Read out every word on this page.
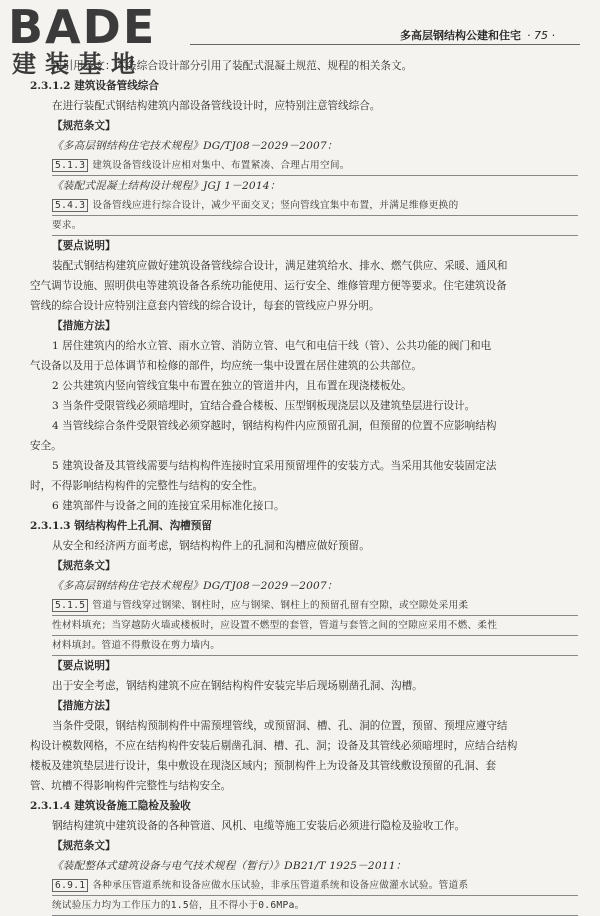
BADE
建装基地
多高层钢结构公建和住宅 · 75 ·
用引用条文：本条综合设计部分引用了装配式混凝土规范、规程的相关条文。
2.3.1.2 建筑设备管线综合
在进行装配式钢结构建筑内部设备管线设计时，应特别注意管线综合。
【规范条文】
《多高层钢结构住宅技术规程》DG/TJ08－2029－2007：
5.1.3 建筑设备管线设计应相对集中、布置紧凑、合理占用空间。
《装配式混凝土结构设计规程》JGJ 1－2014：
5.4.3 设备管线应进行综合设计，减少平面交叉；竖向管线宜集中布置，并满足维修更换的
要求。
【要点说明】
装配式钢结构建筑应做好建筑设备管线综合设计，满足建筑给水、排水、燃气供应、采暖、通风和
空气调节设施、照明供电等建筑设备各系统功能使用、运行安全、维修管理方便等要求。住宅建筑设备
管线的综合设计应特别注意套内管线的综合设计，每套的管线应户界分明。
【措施方法】
1 居住建筑内的给水立管、雨水立管、消防立管、电气和电信干线（管）、公共功能的阀门和电
气设备以及用于总体调节和检修的部件，均应统一集中设置在居住建筑的公共部位。
2 公共建筑内竖向管线宜集中布置在独立的管道井内，且布置在现浇楼板处。
3 当条件受限管线必须暗埋时，宜结合叠合楼板、压型钢板现浇层以及建筑垫层进行设计。
4 当管线综合条件受限管线必须穿越时，钢结构构件内应预留孔洞，但预留的位置不应影响结构
安全。
5 建筑设备及其管线需要与结构构件连接时宜采用预留埋件的安装方式。当采用其他安装固定法
时，不得影响结构构件的完整性与结构的安全性。
6 建筑部件与设备之间的连接宜采用标准化接口。
2.3.1.3 钢结构构件上孔洞、沟槽预留
从安全和经济两方面考虑，钢结构构件上的孔洞和沟槽应做好预留。
【规范条文】
《多高层钢结构住宅技术规程》DG/TJ08－2029－2007：
5.1.5 管道与管线穿过钢梁、钢柱时，应与钢梁、钢柱上的预留孔留有空隙，或空隙处采用柔
性材料填充；当穿越防火墙或楼板时，应设置不燃型的套管，管道与套管之间的空隙应采用不燃、柔性
材料填封。管道不得敷设在剪力墙内。
【要点说明】
出于安全考虑，钢结构建筑不应在钢结构构件安装完毕后现场剔凿孔洞、沟槽。
【措施方法】
当条件受限，钢结构预制构件中需预埋管线，或预留洞、槽、孔、洞的位置，预留、预埋应遵守结
构设计模数网格，不应在结构构件安装后剔凿孔洞、槽、孔、洞；设备及其管线必须暗埋时，应结合结构
楼板及建筑垫层进行设计，集中敷设在现浇区域内；预制构件上为设备及其管线敷设预留的孔洞、套
管、坑槽不得影响构件完整性与结构安全。
2.3.1.4 建筑设备施工隐检及验收
钢结构建筑中建筑设备的各种管道、风机、电缆等施工安装后必须进行隐检及验收工作。
【规范条文】
《装配整体式建筑设备与电气技术规程（暂行）》DB21/T 1925－2011：
6.9.1 各种承压管道系统和设备应做水压试验，非承压管道系统和设备应做灌水试验。管道系
统试验压力均为工作压力的1.5倍，且不得小于0.6MPa。
